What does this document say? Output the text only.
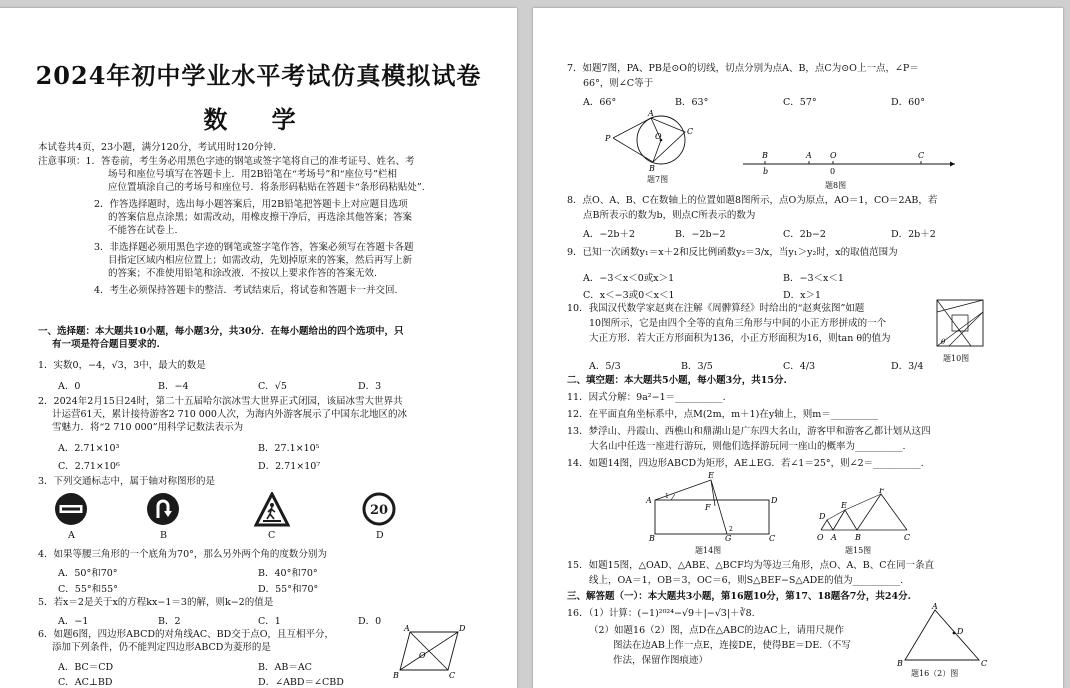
2024年初中学业水平考试仿真模拟试卷
数 学
本试卷共4页，23小题，满分120分，考试用时120分钟.
注意事项：1．答卷前，考生务必用黑色字迹的钢笔或签字笔将自己的准考证号、姓名、考
场号和座位号填写在答题卡上．用2B铅笔在“考场号”和“座位号”栏相
应位置填涂自己的考场号和座位号．将条形码粘贴在答题卡“条形码粘贴处”.
2．作答选择题时，选出每小题答案后，用2B铅笔把答题卡上对应题目选项
的答案信息点涂黑；如需改动，用橡皮擦干净后，再选涂其他答案；答案
不能答在试卷上.
3．非选择题必须用黑色字迹的钢笔或签字笔作答，答案必须写在答题卡各题
目指定区域内相应位置上；如需改动，先划掉原来的答案，然后再写上新
的答案；不准使用铅笔和涂改液．不按以上要求作答的答案无效.
4．考生必须保持答题卡的整洁．考试结束后，将试卷和答题卡一并交回.
一、选择题：本大题共10小题，每小题3分，共30分．在每小题给出的四个选项中，只
有一项是符合题目要求的.
1．实数0，−4，√3，3中，最大的数是
A．0	B．−4	C．√5	D．3
2．2024年2月15日24时，第二十五届哈尔滨冰雪大世界正式闭园，该届冰雪大世界共
计运营61天，累计接待游客2 710 000人次，为海内外游客展示了中国东北地区的冰
雪魅力．将“2 710 000”用科学记数法表示为
A．2.71×10³	B．27.1×10⁵
C．2.71×10⁶	D．2.71×10⁷
3．下列交通标志中，属于轴对称图形的是
20
A	B	C	D
4．如果等腰三角形的一个底角为70°，那么另外两个角的度数分别为
A．50°和70°	B．40°和70°
C．55°和55°	D．55°和70°
5．若x＝2是关于x的方程kx−1＝3的解，则k−2的值是
A．−1	B．2	C．1	D．0
6．如题6图，四边形ABCD的对角线AC、BD交于点O，且互相平分，
添加下列条件，仍不能判定四边形ABCD为菱形的是
A．BC＝CD	B．AB＝AC
C．AC⊥BD	D．∠ABD＝∠CBD
A	D
O
B	C
7．如题7图，PA、PB是⊙O的切线，切点分别为点A、B，点C为⊙O上一点，∠P＝
66°，则∠C等于
A．66°	B．63°	C．57°	D．60°
A
P	O
C
B
题7图
B	A O	C
b	0
题8图
8．点O、A、B、C在数轴上的位置如题8图所示，点O为原点，AO＝1，CO＝2AB，若
点B所表示的数为b，则点C所表示的数为
A．−2b＋2	B．−2b−2	C．2b−2	D．2b＋2
9．已知一次函数y₁＝x＋2和反比例函数y₂＝3/x，当y₁＞y₂时，x的取值范围为
A．−3＜x＜0或x＞1	B．−3＜x＜1
C．x＜−3或0＜x＜1	D．x＞1
10．我国汉代数学家赵爽在注解《周髀算经》时给出的“赵爽弦图”如题
10图所示，它是由四个全等的直角三角形与中间的小正方形拼成的一个
大正方形．若大正方形面积为136，小正方形面积为16，则tan θ的值为
A．5/3	B．3/5	C．4/3	D．3/4
θ
题10图
二、填空题：本大题共5小题，每小题3分，共15分.
11．因式分解：9a²−1＝__________.
12．在平面直角坐标系中，点M(2m，m＋1)在y轴上，则m＝__________
13．梦浮山、丹霞山、西樵山和鼎湖山是广东四大名山，游客甲和游客乙都计划从这四
大名山中任选一座进行游玩，则他们选择游玩同一座山的概率为__________.
14．如题14图，四边形ABCD为矩形，AE⊥EG．若∠1＝25°，则∠2＝__________.
E
A	D
F
1
2
B	G	C
题14图
F
E
D
O A B	C
题15图
15．如题15图，△OAD、△ABE、△BCF均为等边三角形，点O、A、B、C在同一条直
线上，OA＝1，OB＝3，OC＝6，则S△BEF−S△ADE的值为__________.
三、解答题（一）：本大题共3小题，第16题10分，第17、18题各7分，共24分.
16．（1）计算：(−1)²⁰²⁴−√9＋|−√3|＋∛8.
（2）如题16（2）图，点D在△ABC的边AC上，请用尺规作
图法在边AB上作一点E，连接DE，使得BE＝DE.（不写
作法，保留作图痕迹）
A
D
B	C
题16（2）图
